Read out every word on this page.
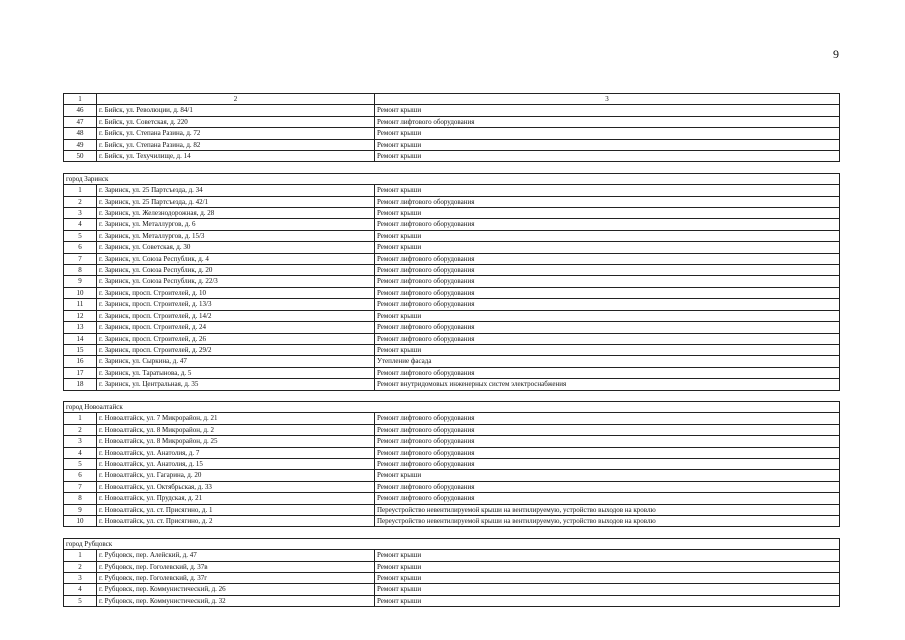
9
1	2	3
46	г. Бийск, ул. Революции, д. 84/1	Ремонт крыши
47	г. Бийск, ул. Советская, д. 220	Ремонт лифтового оборудования
48	г. Бийск, ул. Степана Разина, д. 72	Ремонт крыши
49	г. Бийск, ул. Степана Разина, д. 82	Ремонт крыши
50	г. Бийск, ул. Техучилище, д. 14	Ремонт крыши

город Заринск		
1	г. Заринск, ул. 25 Партсъезда, д. 34	Ремонт крыши
2	г. Заринск, ул. 25 Партсъезда, д. 42/1	Ремонт лифтового оборудования
3	г. Заринск, ул. Железнодорожная, д. 28	Ремонт крыши
4	г. Заринск, ул. Металлургов, д. 6	Ремонт лифтового оборудования
5	г. Заринск, ул. Металлургов, д. 15/3	Ремонт крыши
6	г. Заринск, ул. Советская, д. 30	Ремонт крыши
7	г. Заринск, ул. Союза Республик, д. 4	Ремонт лифтового оборудования
8	г. Заринск, ул. Союза Республик, д. 20	Ремонт лифтового оборудования
9	г. Заринск, ул. Союза Республик, д. 22/3	Ремонт лифтового оборудования
10	г. Заринск, просп. Строителей, д. 10	Ремонт лифтового оборудования
11	г. Заринск, просп. Строителей, д. 13/3	Ремонт лифтового оборудования
12	г. Заринск, просп. Строителей, д. 14/2	Ремонт крыши
13	г. Заринск, просп. Строителей, д. 24	Ремонт лифтового оборудования
14	г. Заринск, просп. Строителей, д. 26	Ремонт лифтового оборудования
15	г. Заринск, просп. Строителей, д. 29/2	Ремонт крыши
16	г. Заринск, ул. Сыркина, д. 47	Утепление фасада
17	г. Заринск, ул. Таратынова, д. 5	Ремонт лифтового оборудования
18	г. Заринск, ул. Центральная, д. 35	Ремонт внутридомовых инженерных систем электроснабжения

город Новоалтайск		
1	г. Новоалтайск, ул. 7 Микрорайон, д. 21	Ремонт лифтового оборудования
2	г. Новоалтайск, ул. 8 Микрорайон, д. 2	Ремонт лифтового оборудования
3	г. Новоалтайск, ул. 8 Микрорайон, д. 25	Ремонт лифтового оборудования
4	г. Новоалтайск, ул. Анатолия, д. 7	Ремонт лифтового оборудования
5	г. Новоалтайск, ул. Анатолия, д. 15	Ремонт лифтового оборудования
6	г. Новоалтайск, ул. Гагарина, д. 20	Ремонт крыши
7	г. Новоалтайск, ул. Октябрьская, д. 33	Ремонт лифтового оборудования
8	г. Новоалтайск, ул. Прудская, д. 21	Ремонт лифтового оборудования
9	г. Новоалтайск, ул. ст. Присягино, д. 1	Переустройство невентилируемой крыши на вентилируемую, устройство выходов на кровлю
10	г. Новоалтайск, ул. ст. Присягино, д. 2	Переустройство невентилируемой крыши на вентилируемую, устройство выходов на кровлю

город Рубцовск		
1	г. Рубцовск, пер. Алейский, д. 47	Ремонт крыши
2	г. Рубцовск, пер. Гоголевский, д. 37в	Ремонт крыши
3	г. Рубцовск, пер. Гоголевский, д. 37г	Ремонт крыши
4	г. Рубцовск, пер. Коммунистический, д. 26	Ремонт крыши
5	г. Рубцовск, пер. Коммунистический, д. 32	Ремонт крыши
